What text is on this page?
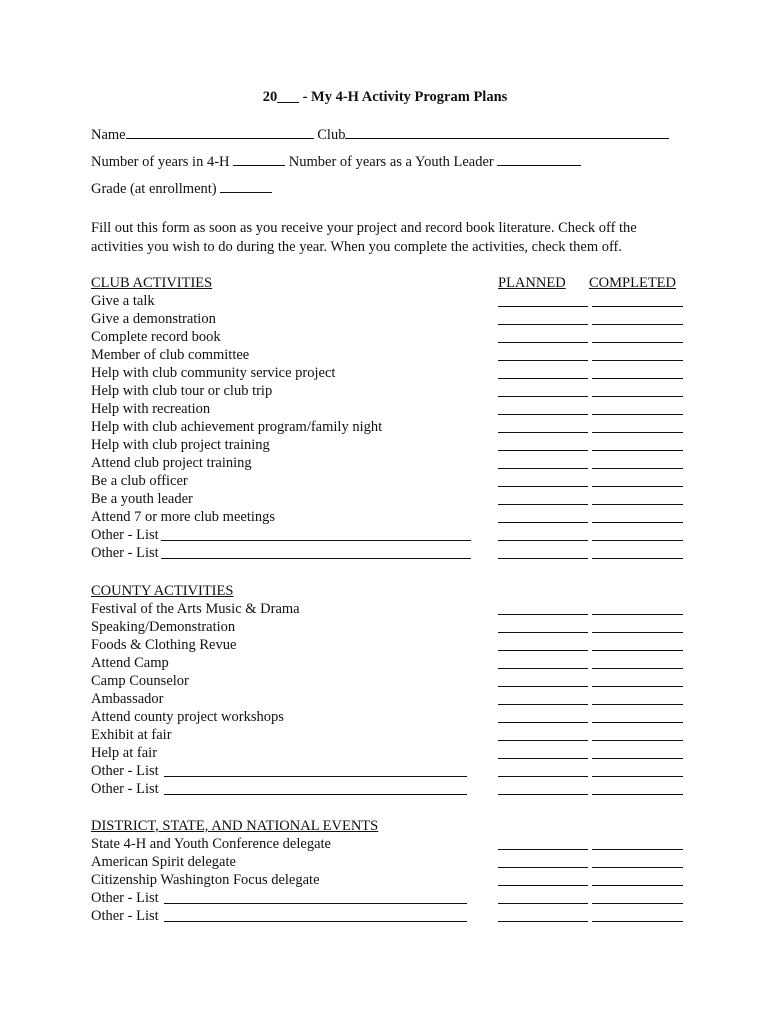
20___ - My 4-H Activity Program Plans
Name	Club
Number of years in 4-H	Number of years as a Youth Leader
Grade (at enrollment)
Fill out this form as soon as you receive your project and record book literature. Check off the activities you wish to do during the year. When you complete the activities, check them off.
CLUB ACTIVITIES	PLANNED COMPLETED
Give a talk
Give a demonstration
Complete record book
Member of club committee
Help with club community service project
Help with club tour or club trip
Help with recreation
Help with club achievement program/family night
Help with club project training
Attend club project training
Be a club officer
Be a youth leader
Attend 7 or more club meetings
Other - List
Other - List
COUNTY ACTIVITIES
Festival of the Arts Music & Drama
Speaking/Demonstration
Foods & Clothing Revue
Attend Camp
Camp Counselor
Ambassador
Attend county project workshops
Exhibit at fair
Help at fair
Other - List
Other - List
DISTRICT, STATE, AND NATIONAL EVENTS
State 4-H and Youth Conference delegate
American Spirit delegate
Citizenship Washington Focus delegate
Other - List
Other - List
